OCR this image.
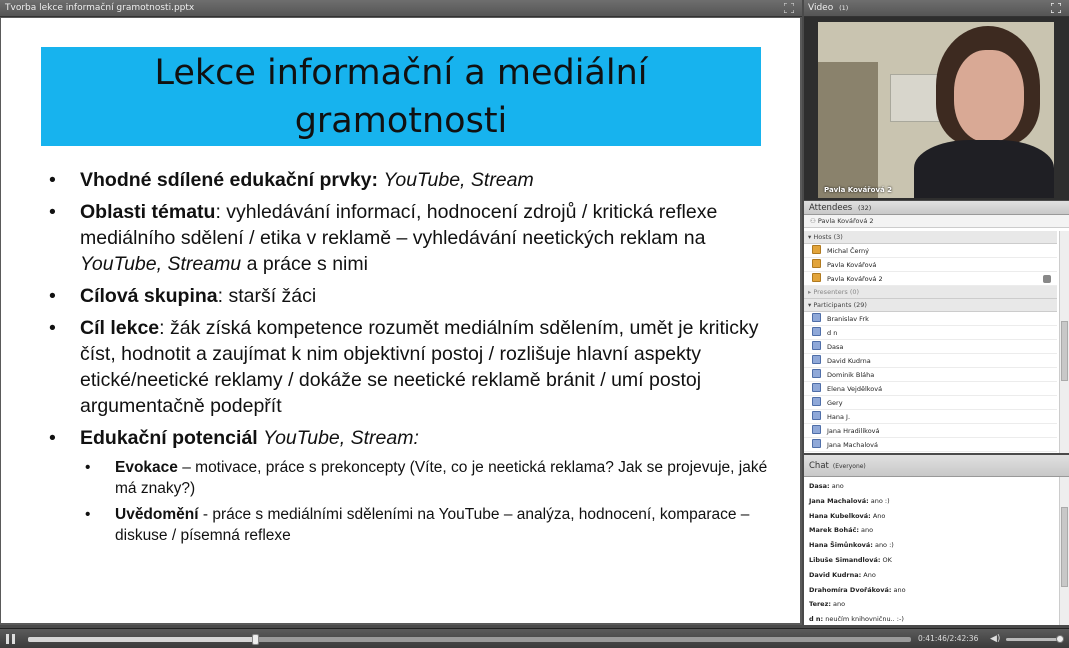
Tvorba lekce informační gramotnosti.pptx
Lekce informační a mediální
gramotnosti
• Vhodné sdílené edukační prvky: YouTube, Stream
• Oblasti tématu: vyhledávání informací, hodnocení zdrojů / kritická reflexe mediálního sdělení / etika v reklamě – vyhledávání neetických reklam na YouTube, Streamu a práce s nimi
• Cílová skupina: starší žáci
• Cíl lekce: žák získá kompetence rozumět mediálním sdělením, umět je kriticky číst, hodnotit a zaujímat k nim objektivní postoj / rozlišuje hlavní aspekty etické/neetické reklamy / dokáže se neetické reklamě bránit / umí postoj argumentačně podepřít
• Edukační potenciál YouTube, Stream:
• Evokace – motivace, práce s prekoncepty (Víte, co je neetická reklama? Jak se projevuje, jaké má znaky?)
• Uvědomění - práce s mediálními sděleními na YouTube – analýza, hodnocení, komparace – diskuse / písemná reflexe
Video (1)
Pavla Kovářová 2
Attendees (32)
⚇ Pavla Kovářová 2
▾ Hosts (3)
Michal Černý
Pavla Kovářová
Pavla Kovářová 2
▸ Presenters (0)
▾ Participants (29)
Branislav Frk
d n
Dasa
David Kudrna
Dominik Bláha
Elena Vejdělková
Gery
Hana J.
Jana Hradilíková
Jana Machalová
Chat (Everyone)
Dasa: ano
Jana Machalová: ano :)
Hana Kubelková: Ano
Marek Boháč: ano
Hana Šimůnková: ano :)
Libuše Simandlová: OK
David Kudrna: Ano
Drahomíra Dvořáková: ano
Terez: ano
d n: neučím knihovničnu.. :-)
0:41:46/2:42:36 ◀)
